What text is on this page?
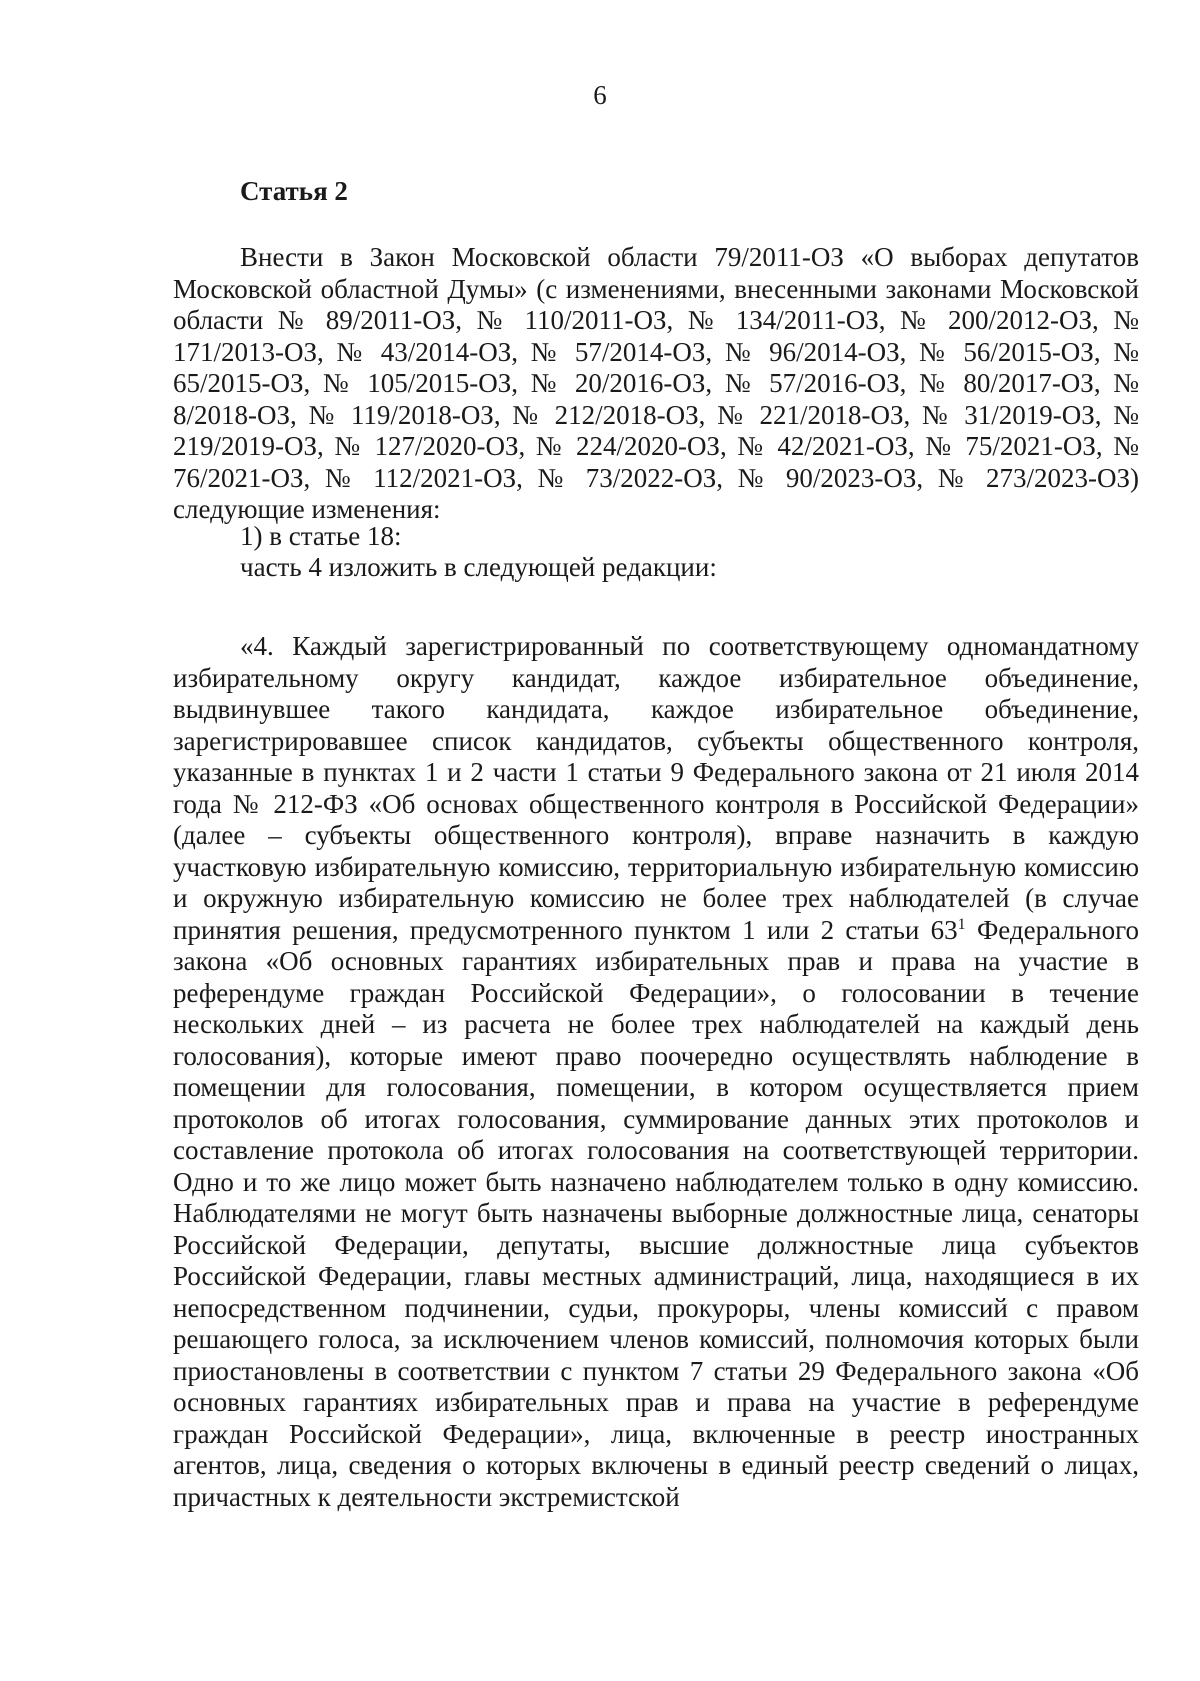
6
Статья 2

Внести в Закон Московской области 79/2011-ОЗ «О выборах депутатов Московской областной Думы» (с изменениями, внесенными законами Московской области № 89/2011-ОЗ, № 110/2011-ОЗ, № 134/2011-ОЗ, № 200/2012-ОЗ, № 171/2013-ОЗ, № 43/2014-ОЗ, № 57/2014-ОЗ, № 96/2014-ОЗ, № 56/2015-ОЗ, № 65/2015-ОЗ, № 105/2015-ОЗ, № 20/2016-ОЗ, № 57/2016-ОЗ, № 80/2017-ОЗ, № 8/2018-ОЗ, № 119/2018-ОЗ, № 212/2018-ОЗ, № 221/2018-ОЗ, № 31/2019-ОЗ, № 219/2019-ОЗ, № 127/2020-ОЗ, № 224/2020-ОЗ, № 42/2021-ОЗ, № 75/2021-ОЗ, № 76/2021-ОЗ, № 112/2021-ОЗ, № 73/2022-ОЗ, № 90/2023-ОЗ, № 273/2023-ОЗ) следующие изменения:

1) в статье 18:

часть 4 изложить в следующей редакции:

«4. Каждый зарегистрированный по соответствующему одномандатному избирательному округу кандидат, каждое избирательное объединение, выдвинувшее такого кандидата, каждое избирательное объединение, зарегистрировавшее список кандидатов, субъекты общественного контроля, указанные в пунктах 1 и 2 части 1 статьи 9 Федерального закона от 21 июля 2014 года № 212-ФЗ «Об основах общественного контроля в Российской Федерации» (далее – субъекты общественного контроля), вправе назначить в каждую участковую избирательную комиссию, территориальную избирательную комиссию и окружную избирательную комиссию не более трех наблюдателей (в случае принятия решения, предусмотренного пунктом 1 или 2 статьи $63^1$ Федерального закона «Об основных гарантиях избирательных прав и права на участие в референдуме граждан Российской Федерации», о голосовании в течение нескольких дней – из расчета не более трех наблюдателей на каждый день голосования), которые имеют право поочередно осуществлять наблюдение в помещении для голосования, помещении, в котором осуществляется прием протоколов об итогах голосования, суммирование данных этих протоколов и составление протокола об итогах голосования на соответствующей территории. Одно и то же лицо может быть назначено наблюдателем только в одну комиссию. Наблюдателями не могут быть назначены выборные должностные лица, сенаторы Российской Федерации, депутаты, высшие должностные лица субъектов Российской Федерации, главы местных администраций, лица, находящиеся в их непосредственном подчинении, судьи, прокуроры, члены комиссий с правом решающего голоса, за исключением членов комиссий, полномочия которых были приостановлены в соответствии с пунктом 7 статьи 29 Федерального закона «Об основных гарантиях избирательных прав и права на участие в референдуме граждан Российской Федерации», лица, включенные в реестр иностранных агентов, лица, сведения о которых включены в единый реестр сведений о лицах, причастных к деятельности экстремистской
